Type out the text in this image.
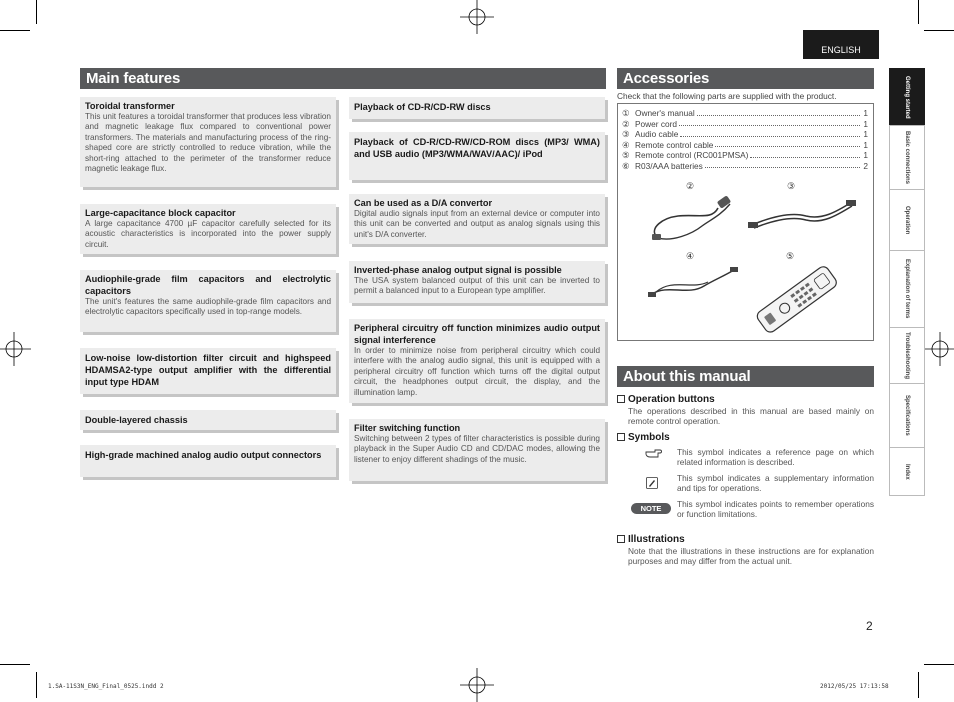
ENGLISH
Getting started
Basic connections
Operation
Explanation of terms
Troubleshooting
Specifications
Index
Main features
Toroidal transformer
This unit features a toroidal transformer that produces less vibration and magnetic leakage flux compared to conventional power transformers. The materials and manufacturing process of the ring-shaped core are strictly controlled to reduce vibration, while the short-ring attached to the perimeter of the transformer reduce magnetic leakage flux.
Large-capacitance block capacitor
A large capacitance 4700 µF capacitor carefully selected for its acoustic characteristics is incorporated into the power supply circuit.
Audiophile-grade film capacitors and electrolytic capacitors
The unit's features the same audiophile-grade film capacitors and electrolytic capacitors specifically used in top-range models.
Low-noise low-distortion filter circuit and highspeed HDAMSA2-type output amplifier with the differential input type HDAM
Double-layered chassis
High-grade machined analog audio output connectors
Playback of CD-R/CD-RW discs
Playback of CD-R/CD-RW/CD-ROM discs (MP3/ WMA) and USB audio (MP3/WMA/WAV/AAC)/ iPod
Can be used as a D/A convertor
Digital audio signals input from an external device or computer into this unit can be converted and output as analog signals using this unit's D/A converter.
Inverted-phase analog output signal is possible
The USA system balanced output of this unit can be inverted to permit a balanced input to a European type amplifier.
Peripheral circuitry off function minimizes audio output signal interference
In order to minimize noise from peripheral circuitry which could interfere with the analog audio signal, this unit is equipped with a peripheral circuitry off function which turns off the digital output circuit, the headphones output circuit, the display, and the illumination lamp.
Filter switching function
Switching between 2 types of filter characteristics is possible during playback in the Super Audio CD and CD/DAC modes, allowing the listener to enjoy different shadings of the music.
Accessories
Check that the following parts are supplied with the product.
① Owner's manual	1
② Power cord	1
③ Audio cable	1
④ Remote control cable	1
⑤ Remote control (RC001PMSA)	1
⑥ R03/AAA batteries	2
②	③
④	⑤
About this manual
Operation buttons
The operations described in this manual are based mainly on remote control operation.
Symbols
This symbol indicates a reference page on which related information is described.
This symbol indicates a supplementary information and tips for operations.
NOTE	This symbol indicates points to remember operations or function limitations.
Illustrations
Note that the illustrations in these instructions are for explanation purposes and may differ from the actual unit.
2
1.SA-11S3N_ENG_Final_0525.indd 2	2012/05/25 17:13:58
